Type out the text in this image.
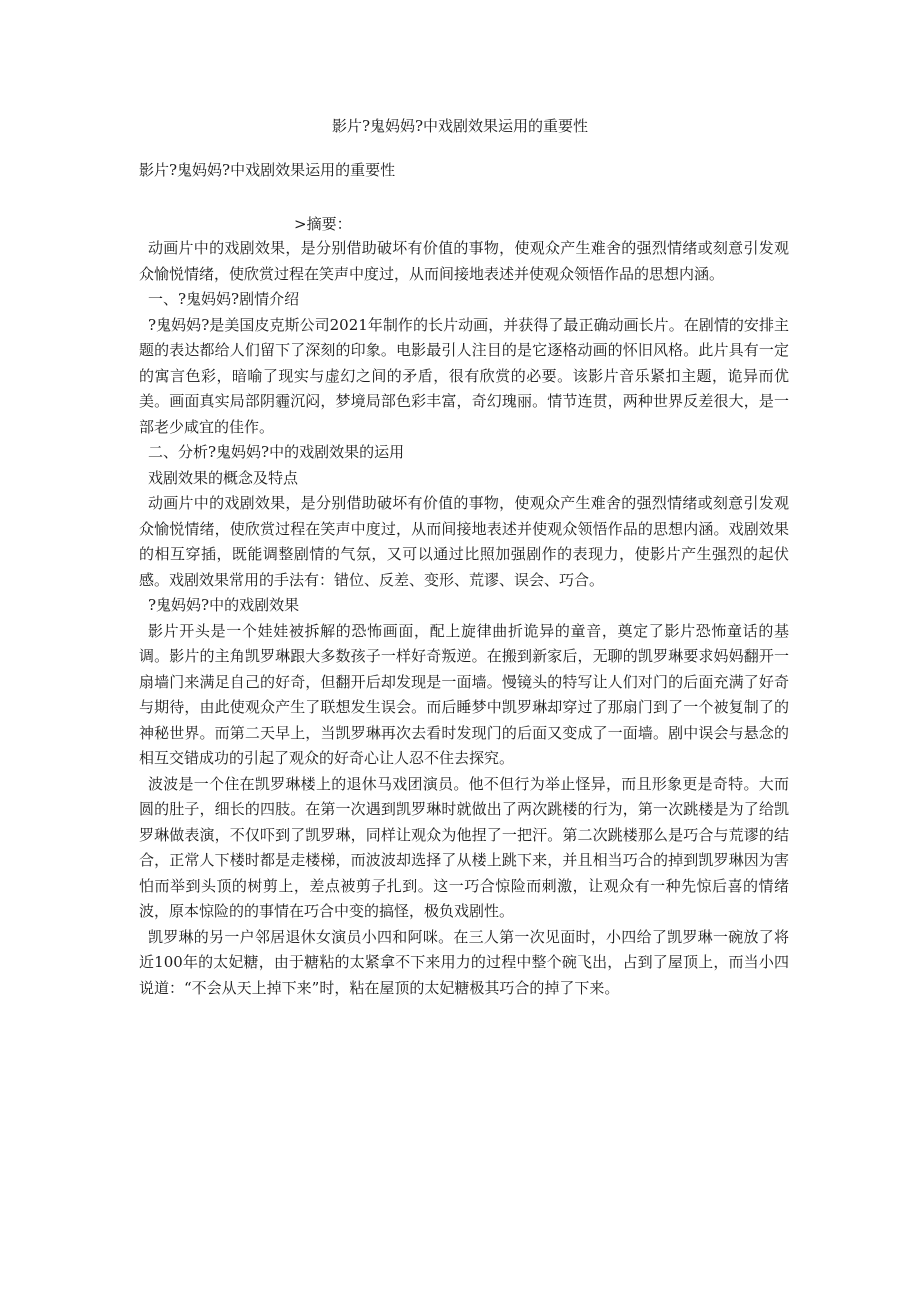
影片?鬼妈妈?中戏剧效果运用的重要性

影片?鬼妈妈?中戏剧效果运用的重要性

>摘要：

动画片中的戏剧效果，是分别借助破坏有价值的事物，使观众产生难舍的强烈情绪或刻意引发观众愉悦情绪，使欣赏过程在笑声中度过，从而间接地表述并使观众领悟作品的思想内涵。

一、?鬼妈妈?剧情介绍

?鬼妈妈?是美国皮克斯公司2021年制作的长片动画，并获得了最正确动画长片。在剧情的安排主题的表达都给人们留下了深刻的印象。电影最引人注目的是它逐格动画的怀旧风格。此片具有一定的寓言色彩，暗喻了现实与虚幻之间的矛盾，很有欣赏的必要。该影片音乐紧扣主题，诡异而优美。画面真实局部阴霾沉闷，梦境局部色彩丰富，奇幻瑰丽。情节连贯，两种世界反差很大，是一部老少咸宜的佳作。

二、分析?鬼妈妈?中的戏剧效果的运用

戏剧效果的概念及特点

动画片中的戏剧效果，是分别借助破坏有价值的事物，使观众产生难舍的强烈情绪或刻意引发观众愉悦情绪，使欣赏过程在笑声中度过，从而间接地表述并使观众领悟作品的思想内涵。戏剧效果的相互穿插，既能调整剧情的气氛，又可以通过比照加强剧作的表现力，使影片产生强烈的起伏感。戏剧效果常用的手法有：错位、反差、变形、荒谬、误会、巧合。

?鬼妈妈?中的戏剧效果

影片开头是一个娃娃被拆解的恐怖画面，配上旋律曲折诡异的童音，奠定了影片恐怖童话的基调。影片的主角凯罗琳跟大多数孩子一样好奇叛逆。在搬到新家后，无聊的凯罗琳要求妈妈翻开一扇墙门来满足自己的好奇，但翻开后却发现是一面墙。慢镜头的特写让人们对门的后面充满了好奇与期待，由此使观众产生了联想发生误会。而后睡梦中凯罗琳却穿过了那扇门到了一个被复制了的神秘世界。而第二天早上，当凯罗琳再次去看时发现门的后面又变成了一面墙。剧中误会与悬念的相互交错成功的引起了观众的好奇心让人忍不住去探究。

波波是一个住在凯罗琳楼上的退休马戏团演员。他不但行为举止怪异，而且形象更是奇特。大而圆的肚子，细长的四肢。在第一次遇到凯罗琳时就做出了两次跳楼的行为，第一次跳楼是为了给凯罗琳做表演，不仅吓到了凯罗琳，同样让观众为他捏了一把汗。第二次跳楼那么是巧合与荒谬的结合，正常人下楼时都是走楼梯，而波波却选择了从楼上跳下来，并且相当巧合的掉到凯罗琳因为害怕而举到头顶的树剪上，差点被剪子扎到。这一巧合惊险而刺激，让观众有一种先惊后喜的情绪波，原本惊险的的事情在巧合中变的搞怪，极负戏剧性。

凯罗琳的另一户邻居退休女演员小四和阿咪。在三人第一次见面时，小四给了凯罗琳一碗放了将近100年的太妃糖，由于糖粘的太紧拿不下来用力的过程中整个碗飞出，占到了屋顶上，而当小四说道：“不会从天上掉下来”时，粘在屋顶的太妃糖极其巧合的掉了下来。
